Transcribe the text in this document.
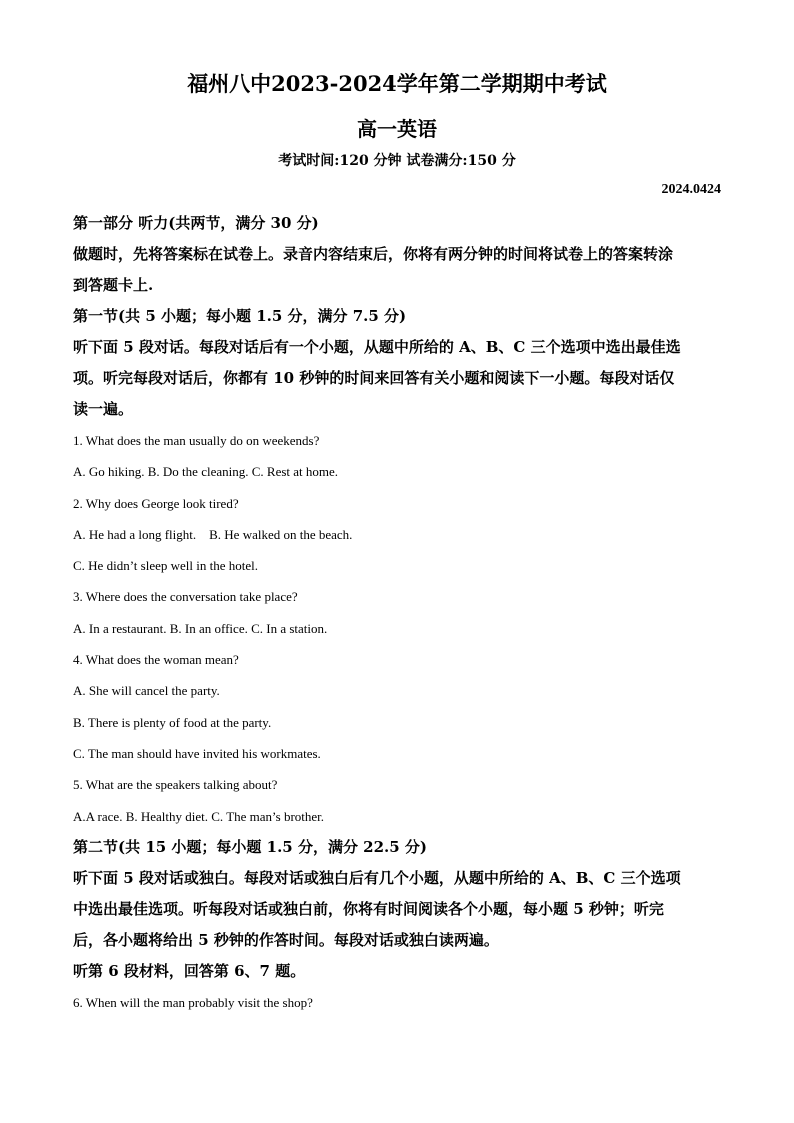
福州八中2023-2024学年第二学期期中考试
高一英语
考试时间:120 分钟 试卷满分:150 分
2024.0424

第一部分 听力(共两节，满分 30 分)

做题时，先将答案标在试卷上。录音内容结束后，你将有两分钟的时间将试卷上的答案转涂

到答题卡上.

第一节(共 5 小题；每小题 1.5 分，满分 7.5 分)

听下面 5 段对话。每段对话后有一个小题，从题中所给的 A、B、C 三个选项中选出最佳选

项。听完每段对话后，你都有 10 秒钟的时间来回答有关小题和阅读下一小题。每段对话仅

读一遍。

1. What does the man usually do on weekends?

A. Go hiking. B. Do the cleaning. C. Rest at home.

2. Why does George look tired?

A. He had a long flight.    B. He walked on the beach.

C. He didn’t sleep well in the hotel.

3. Where does the conversation take place?

A. In a restaurant. B. In an office. C. In a station.

4. What does the woman mean?

A. She will cancel the party.

B. There is plenty of food at the party.

C. The man should have invited his workmates.

5. What are the speakers talking about?

A.A race. B. Healthy diet. C. The man’s brother.

第二节(共 15 小题；每小题 1.5 分，满分 22.5 分)

听下面 5 段对话或独白。每段对话或独白后有几个小题，从题中所给的 A、B、C 三个选项

中选出最佳选项。听每段对话或独白前，你将有时间阅读各个小题，每小题 5 秒钟；听完

后，各小题将给出 5 秒钟的作答时间。每段对话或独白读两遍。

听第 6 段材料，回答第 6、7 题。

6. When will the man probably visit the shop?
